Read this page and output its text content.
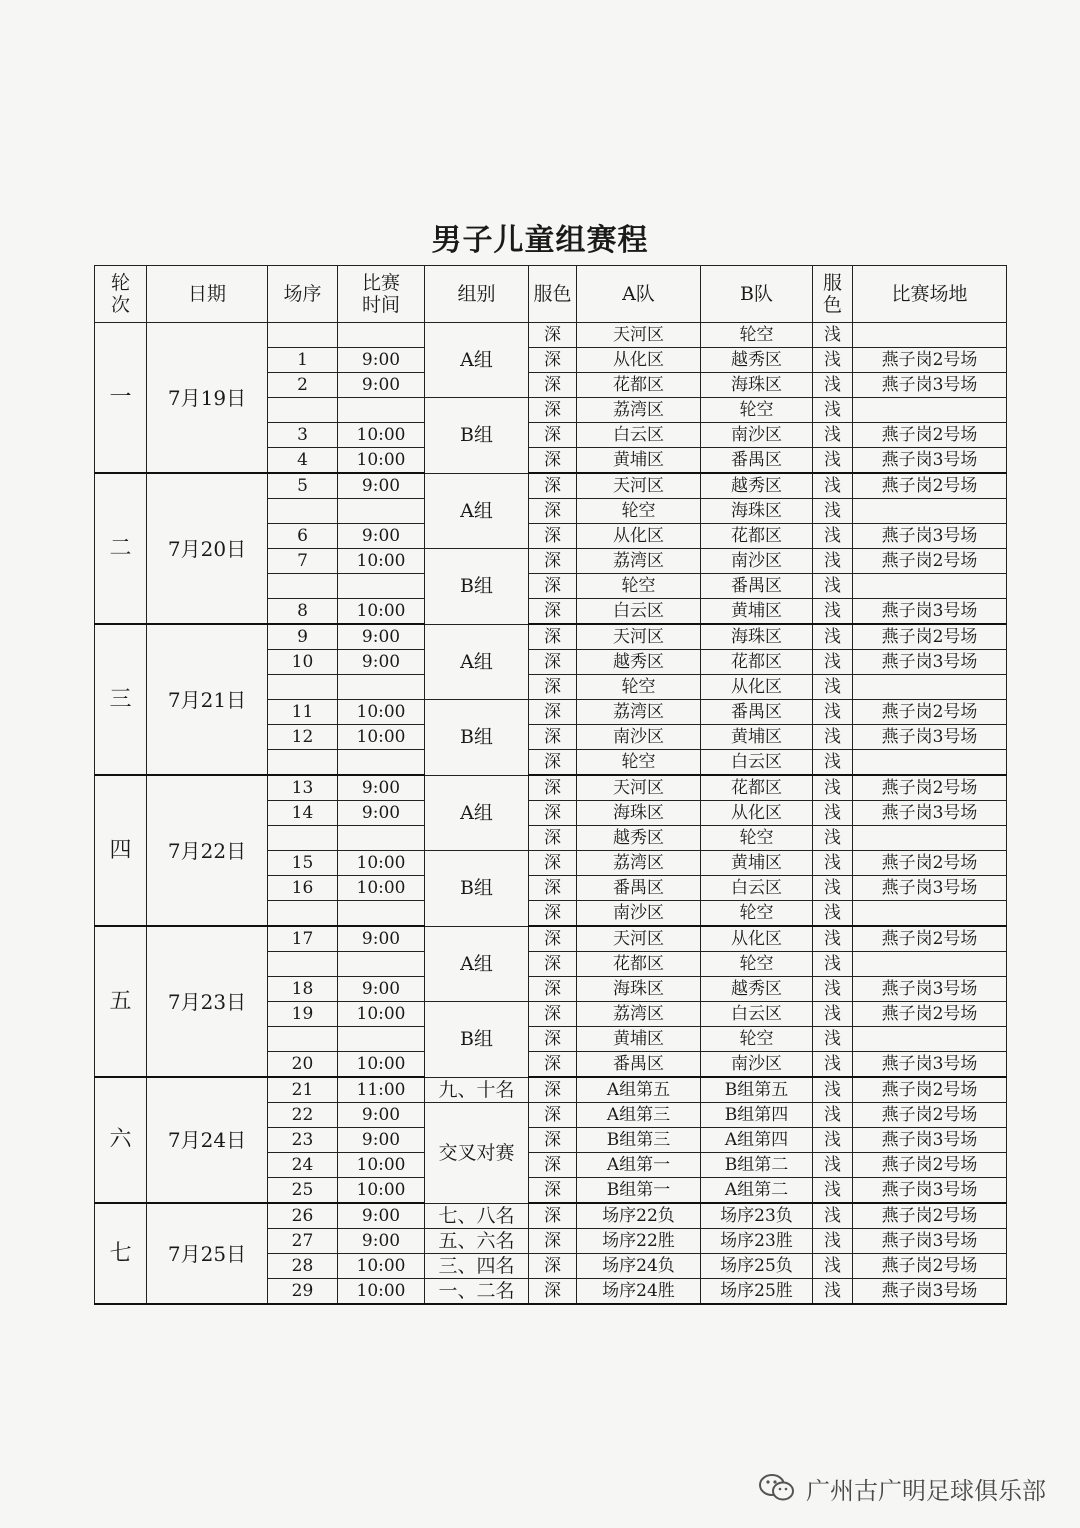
男子儿童组赛程
轮次	日期	场序	比赛时间	组别	服色	A队	B队	服色	比赛场地
一	7月19日			A组	深	天河区	轮空	浅	
		1	9:00		深	从化区	越秀区	浅	燕子岗2号场
		2	9:00		深	花都区	海珠区	浅	燕子岗3号场
				B组	深	荔湾区	轮空	浅	
		3	10:00		深	白云区	南沙区	浅	燕子岗2号场
		4	10:00		深	黄埔区	番禺区	浅	燕子岗3号场
二	7月20日	5	9:00	A组	深	天河区	越秀区	浅	燕子岗2号场
					深	轮空	海珠区	浅	
		6	9:00		深	从化区	花都区	浅	燕子岗3号场
		7	10:00	B组	深	荔湾区	南沙区	浅	燕子岗2号场
					深	轮空	番禺区	浅	
		8	10:00		深	白云区	黄埔区	浅	燕子岗3号场
三	7月21日	9	9:00	A组	深	天河区	海珠区	浅	燕子岗2号场
		10	9:00		深	越秀区	花都区	浅	燕子岗3号场
					深	轮空	从化区	浅	
		11	10:00	B组	深	荔湾区	番禺区	浅	燕子岗2号场
		12	10:00		深	南沙区	黄埔区	浅	燕子岗3号场
					深	轮空	白云区	浅	
四	7月22日	13	9:00	A组	深	天河区	花都区	浅	燕子岗2号场
		14	9:00		深	海珠区	从化区	浅	燕子岗3号场
					深	越秀区	轮空	浅	
		15	10:00	B组	深	荔湾区	黄埔区	浅	燕子岗2号场
		16	10:00		深	番禺区	白云区	浅	燕子岗3号场
					深	南沙区	轮空	浅	
五	7月23日	17	9:00	A组	深	天河区	从化区	浅	燕子岗2号场
					深	花都区	轮空	浅	
		18	9:00		深	海珠区	越秀区	浅	燕子岗3号场
		19	10:00	B组	深	荔湾区	白云区	浅	燕子岗2号场
					深	黄埔区	轮空	浅	
		20	10:00		深	番禺区	南沙区	浅	燕子岗3号场
六	7月24日	21	11:00	九、十名	深	A组第五	B组第五	浅	燕子岗2号场
		22	9:00	交叉对赛	深	A组第三	B组第四	浅	燕子岗2号场
		23	9:00		深	B组第三	A组第四	浅	燕子岗3号场
		24	10:00		深	A组第一	B组第二	浅	燕子岗2号场
		25	10:00		深	B组第一	A组第二	浅	燕子岗3号场
七	7月25日	26	9:00	七、八名	深	场序22负	场序23负	浅	燕子岗2号场
		27	9:00	五、六名	深	场序22胜	场序23胜	浅	燕子岗3号场
		28	10:00	三、四名	深	场序24负	场序25负	浅	燕子岗2号场
		29	10:00	一、二名	深	场序24胜	场序25胜	浅	燕子岗3号场
广州古广明足球俱乐部
